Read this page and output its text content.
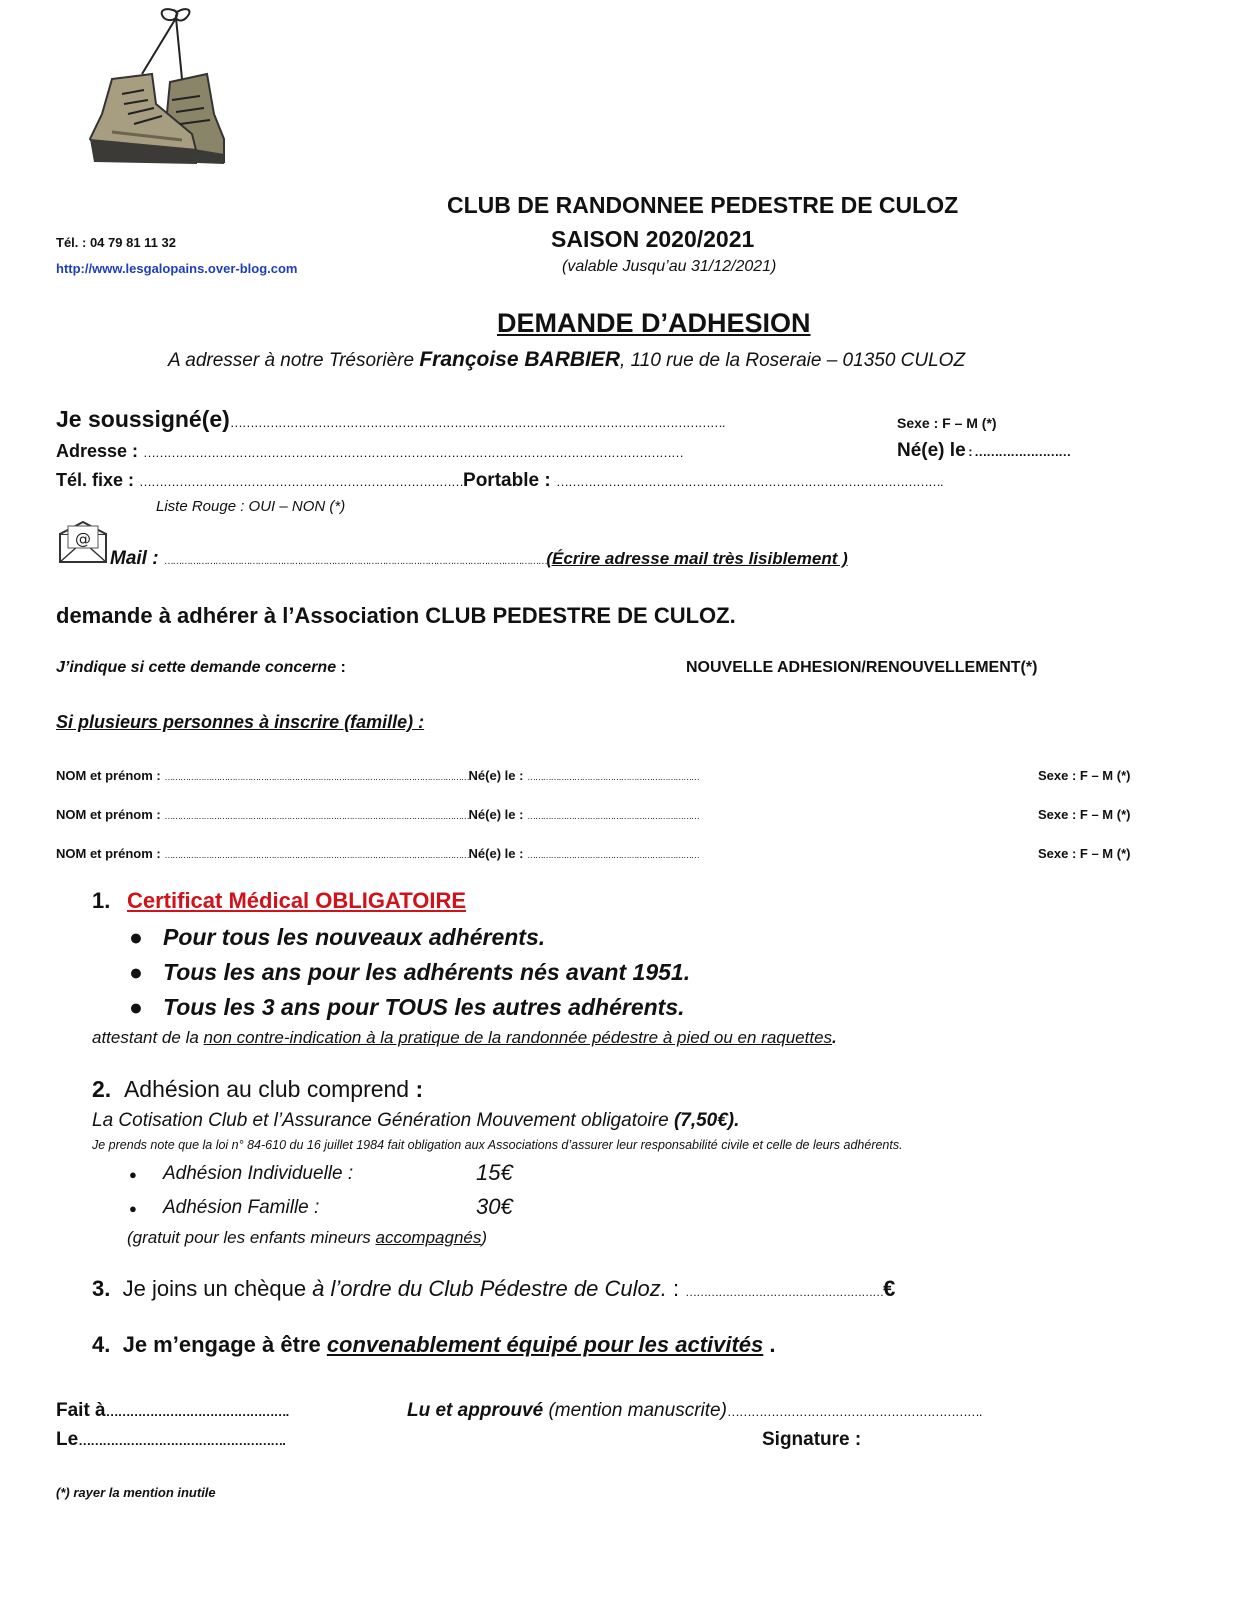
CLUB DE RANDONNEE PEDESTRE DE CULOZ
SAISON 2020/2021
(valable Jusqu’au 31/12/2021)
Tél. : 04 79 81 11 32
http://www.lesgalopains.over-blog.com
DEMANDE D’ADHESION
A adresser à notre Trésorière Françoise BARBIER, 110 rue de la Roseraie – 01350 CULOZ
Je soussigné(e)…………………………………………………………………………………………………………….	Sexe : F – M (*)
Adresse : ………………………………………………………………………………………………………………………	Né(e) le : ……………………
Tél. fixe : ………………………………………………………………………Portable : …………………………………………………………………………………….
Liste Rouge : OUI – NON (*)
@
Mail : ………………………………………………………………………………………………………………………(Écrire adresse mail très lisiblement )
demande à adhérer à l’Association CLUB PEDESTRE DE CULOZ.
J’indique si cette demande concerne :	NOUVELLE ADHESION/RENOUVELLEMENT(*)
Si plusieurs personnes à inscrire (famille) :
NOM et prénom : ………………………………………………………………………………………………………Né(e) le : …………………………………………………………	Sexe : F – M (*)
NOM et prénom : ………………………………………………………………………………………………………Né(e) le : …………………………………………………………	Sexe : F – M (*)
NOM et prénom : ………………………………………………………………………………………………………Né(e) le : …………………………………………………………	Sexe : F – M (*)
1. Certificat Médical OBLIGATOIRE
● Pour tous les nouveaux adhérents.
● Tous les ans pour les adhérents nés avant 1951.
● Tous les 3 ans pour TOUS les autres adhérents.
attestant de la non contre-indication à la pratique de la randonnée pédestre à pied ou en raquettes.
2. Adhésion au club comprend :
La Cotisation Club et l’Assurance Génération Mouvement obligatoire (7,50€).
Je prends note que la loi n° 84-610 du 16 juillet 1984 fait obligation aux Associations d’assurer leur responsabilité civile et celle de leurs adhérents.
● Adhésion Individuelle :	15€
● Adhésion Famille :	30€
(gratuit pour les enfants mineurs accompagnés)
3. Je joins un chèque à l’ordre du Club Pédestre de Culoz. : ………………………………………………€
4. Je m’engage à être convenablement équipé pour les activités .
Fait à……………………………………….	Lu et approuvé (mention manuscrite)……………………………………………………….
Le…………………………………………….	Signature :
(*) rayer la mention inutile
